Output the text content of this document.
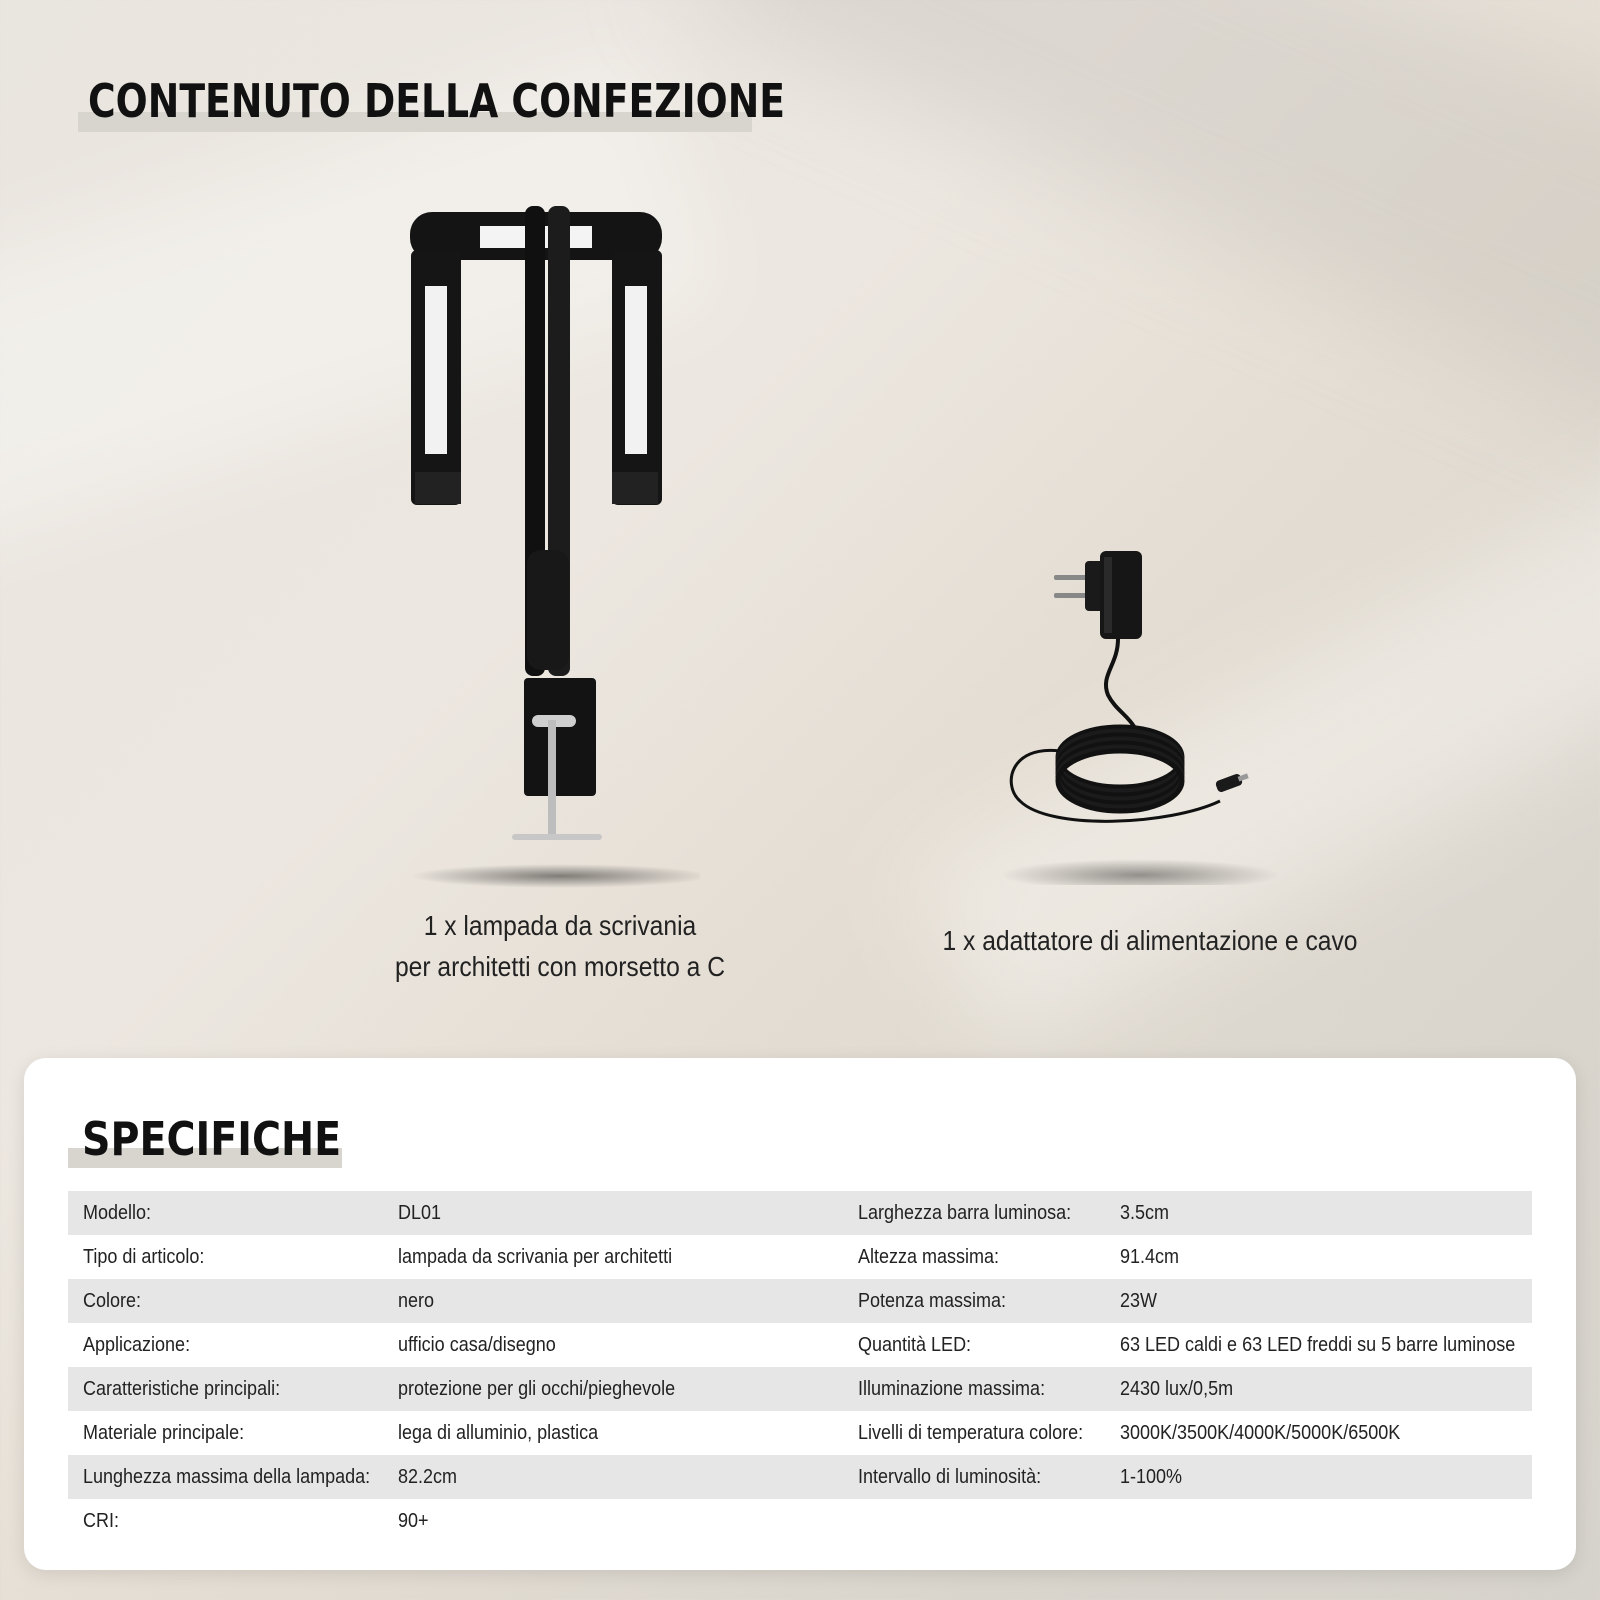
CONTENUTO DELLA CONFEZIONE
1 x lampada da scrivania
per architetti con morsetto a C
1 x adattatore di alimentazione e cavo
SPECIFICHE
Modello:	DL01	Larghezza barra luminosa: 3.5cm
Tipo di articolo:	lampada da scrivania per architetti	Altezza massima:	91.4cm
Colore:	nero	Potenza massima:	23W
Applicazione:	ufficio casa/disegno	Quantità LED:	63 LED caldi e 63 LED freddi su 5 barre luminose
Caratteristiche principali:	protezione per gli occhi/pieghevole	Illuminazione massima:	2430 lux/0,5m
Materiale principale:	lega di alluminio, plastica	Livelli di temperatura colore: 3000K/3500K/4000K/5000K/6500K
Lunghezza massima della lampada: 82.2cm	Intervallo di luminosità:	1-100%
CRI:	90+
